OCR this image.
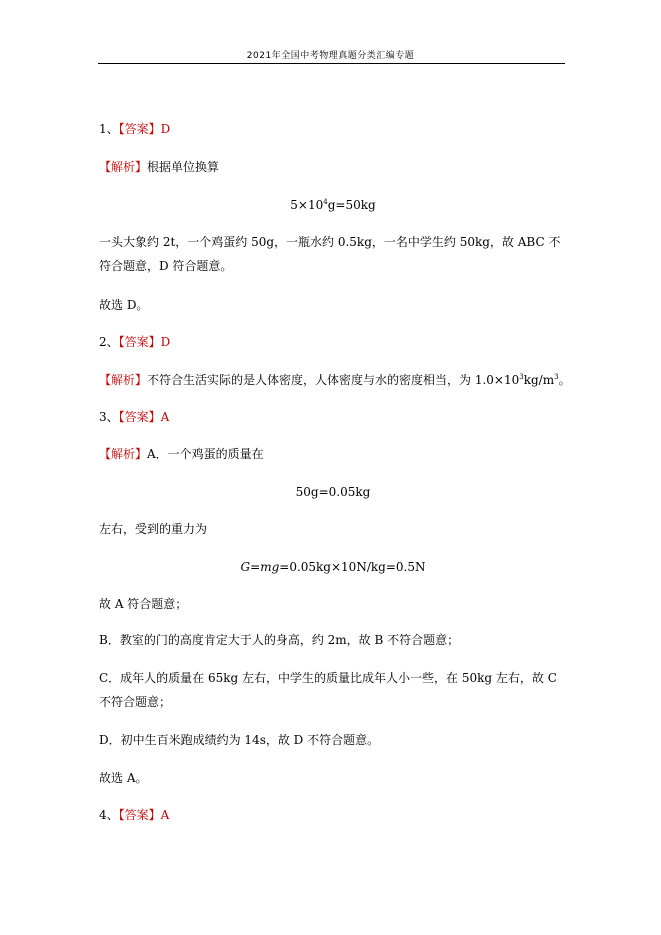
2021年全国中考物理真题分类汇编专题
1、【答案】D
【解析】根据单位换算
$5\times 10^4g=50kg$
一头大象约 2t，一个鸡蛋约 50g，一瓶水约 0.5kg，一名中学生约 50kg，故 ABC 不符合题意，D 符合题意。
故选 D。
2、【答案】D
【解析】不符合生活实际的是人体密度，人体密度与水的密度相当，为 $1.0\times 10^3kg/m^3$。
3、【答案】A
【解析】A．一个鸡蛋的质量在
50g=0.05kg
左右，受到的重力为
G=mg=0.05kg×10N/kg=0.5N
故 A 符合题意；
B．教室的门的高度肯定大于人的身高，约 2m，故 B 不符合题意；
C．成年人的质量在 65kg 左右，中学生的质量比成年人小一些，在 50kg 左右，故 C 不符合题意；
D．初中生百米跑成绩约为 14s，故 D 不符合题意。
故选 A。
4、【答案】A
